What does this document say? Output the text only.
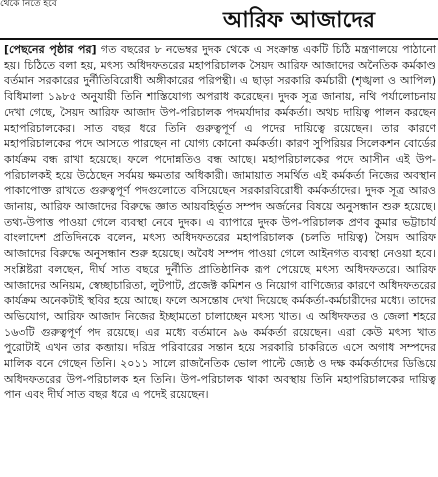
থেকে নিতে হবে
আরিফ আজাদের

[পেছনের পৃষ্ঠার পর] গত বছরের ৮ নভেম্বর দুদক থেকে এ সংক্রান্ত একটি চিঠি মন্ত্রণালয়ে পাঠানো হয়। চিঠিতে বলা হয়, মৎস্য অধিদফতরের মহাপরিচালক সৈয়দ আরিফ আজাদের অনৈতিক কর্মকাণ্ড বর্তমান সরকারের দুর্নীতিবিরোধী অঙ্গীকারের পরিপন্থী। এ ছাড়া সরকারি কর্মচারী (শৃঙ্খলা ও আপিল) বিধিমালা ১৯৮৫ অনুযায়ী তিনি শাস্তিযোগ্য অপরাধ করেছেন। দুদক সূত্র জানায়, নথি পর্যালোচনায় দেখা গেছে, সৈয়দ আরিফ আজাদ উপ-পরিচালক পদমর্যাদার কর্মকর্তা। অথচ দায়িত্ব পালন করছেন মহাপরিচালকের। সাত বছর ধরে তিনি গুরুত্বপূর্ণ এ পদের দায়িত্বে রয়েছেন। তার কারণে মহাপরিচালকের পদে আসতে পারছেন না যোগ্য কোনো কর্মকর্তা। কারণ সুপিরিয়র সিলেকশন বোর্ডের কার্যক্রম বন্ধ রাখা হয়েছে। ফলে পদোন্নতিও বন্ধ আছে। মহাপরিচালকের পদে আসীন এই উপ-পরিচালকই হয়ে উঠেছেন সর্বময় ক্ষমতার অধিকারী। জামায়াত সমর্থিত এই কর্মকর্তা নিজের অবস্থান পাকাপোক্ত রাখতে গুরুত্বপূর্ণ পদগুলোতে বসিয়েছেন সরকারবিরোধী কর্মকর্তাদের। দুদক সূত্র আরও জানায়, আরিফ আজাদের বিরুদ্ধে জ্ঞাত আয়বহির্ভূত সম্পদ অর্জনের বিষয়ে অনুসন্ধান শুরু হয়েছে। তথ্য-উপাত্ত পাওয়া গেলে ব্যবস্থা নেবে দুদক। এ ব্যাপারে দুদক উপ-পরিচালক প্রণব কুমার ভট্টাচার্য বাংলাদেশ প্রতিদিনকে বলেন, মৎস্য অধিদফতরের মহাপরিচালক (চলতি দায়িত্ব) সৈয়দ আরিফ আজাদের বিরুদ্ধে অনুসন্ধান শুরু হয়েছে। অবৈধ সম্পদ পাওয়া গেলে আইনগত ব্যবস্থা নেওয়া হবে। সংশ্লিষ্টরা বলছেন, দীর্ঘ সাত বছরে দুর্নীতি প্রাতিষ্ঠানিক রূপ পেয়েছে মৎস্য অধিদফতরে। আরিফ আজাদের অনিয়ম, স্বেচ্ছাচারিতা, লুটপাট, প্রজেক্ট কমিশন ও নিয়োগ বাণিজ্যের কারণে অধিদফতরের কার্যক্রম অনেকটাই স্থবির হয়ে আছে। ফলে অসন্তোষ দেখা দিয়েছে কর্মকর্তা-কর্মচারীদের মধ্যে। তাদের অভিযোগ, আরিফ আজাদ নিজের ইচ্ছামতো চালাচ্ছেন মৎস্য খাত। এ অধিদফতর ও জেলা শহরে ১৬৩টি গুরুত্বপূর্ণ পদ রয়েছে। এর মধ্যে বর্তমানে ৯৬ কর্মকর্তা রয়েছেন। এরা কেউ মৎস্য খাত পুরোটাই এখন তার কব্জায়। দরিদ্র পরিবারের সন্তান হয়ে সরকারি চাকরিতে এসে অগাধ সম্পদের মালিক বনে গেছেন তিনি। ২০১১ সালে রাজনৈতিক ভোল পাল্টে জ্যেষ্ঠ ও দক্ষ কর্মকর্তাদের ডিঙিয়ে অধিদফতরের উপ-পরিচালক হন তিনি। উপ-পরিচালক থাকা অবস্থায় তিনি মহাপরিচালকের দায়িত্ব পান এবং দীর্ঘ সাত বছর ধরে এ পদেই রয়েছেন।
